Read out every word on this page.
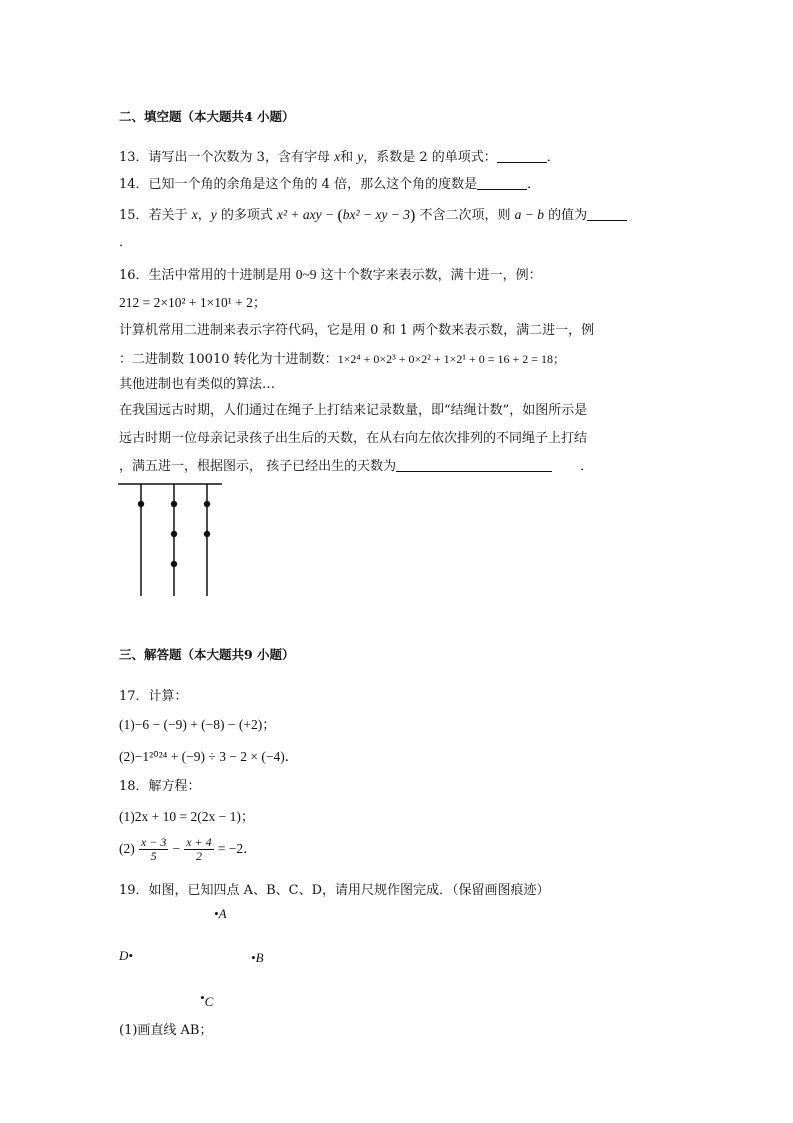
二、填空题（本大题共4 小题）
13．请写出一个次数为 3，含有字母 x和 y，系数是 2 的单项式：	．
14．已知一个角的余角是这个角的 4 倍，那么这个角的度数是	．
15．若关于 x，y 的多项式 x² + axy − (bx² − xy − 3) 不含二次项，则 a − b 的值为
．
16．生活中常用的十进制是用 0~9 这十个数字来表示数，满十进一，例：
212 = 2×10² + 1×10¹ + 2；
计算机常用二进制来表示字符代码，它是用 0 和 1 两个数来表示数，满二进一，例
：二进制数 10010 转化为十进制数：1×2⁴ + 0×2³ + 0×2² + 1×2¹ + 0 = 16 + 2 = 18；
其他进制也有类似的算法…
在我国远古时期，人们通过在绳子上打结来记录数量，即“结绳计数”，如图所示是
远古时期一位母亲记录孩子出生后的天数，在从右向左依次排列的不同绳子上打结
，满五进一，根据图示， 孩子已经出生的天数为	．
三、解答题（本大题共9 小题）
17．计算：
(1)−6 − (−9) + (−8) − (+2)；
(2)−1²⁰²⁴ + (−9) ÷ 3 − 2 × (−4)．
18．解方程：
(1)2x + 10 = 2(2x − 1)；
$(2) \frac{x - 3}{5} - \frac{x + 4}{2} = -2$．
19．如图，已知四点 A、B、C、D，请用尺规作图完成．（保留画图痕迹）
•A
D•	•B
•C
(1)画直线 AB；
